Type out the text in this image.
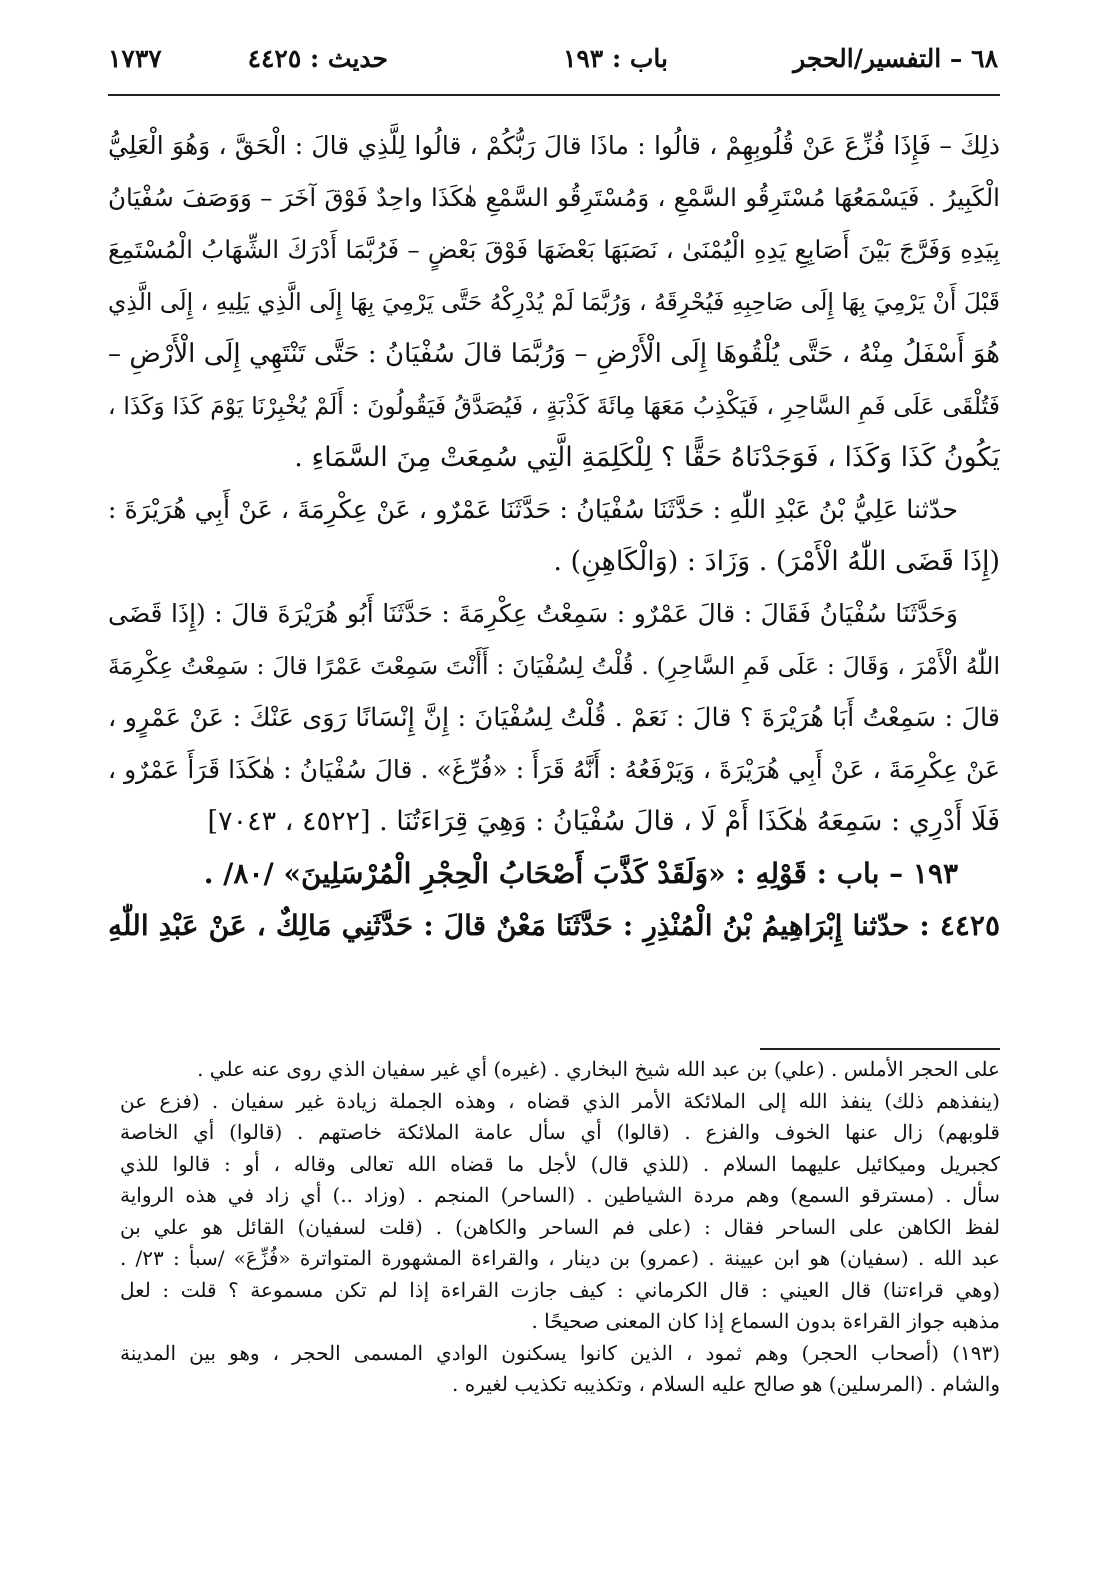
٦٨ – التفسير/الحجر
باب : ١٩٣
حديث : ٤٤٢٥
١٧٣٧
ذلِكَ – فَإِذَا فُزِّعَ عَنْ قُلُوبِهِمْ ، قالُوا : ماذَا قالَ رَبُّكُمْ ، قالُوا لِلَّذِي قالَ : الْحَقَّ ، وَهُوَ الْعَلِيُّ
الْكَبِيرُ . فَيَسْمَعُهَا مُسْتَرِقُو السَّمْعِ ، وَمُسْتَرِقُو السَّمْعِ هٰكَذَا واحِدٌ فَوْقَ آخَرَ – وَوَصَفَ سُفْيَانُ
بِيَدِهِ وَفَرَّجَ بَيْنَ أَصَابِعِ يَدِهِ الْيُمْنَىٰ ، نَصَبَهَا بَعْضَهَا فَوْقَ بَعْضٍ – فَرُبَّمَا أَدْرَكَ الشِّهَابُ الْمُسْتَمِعَ
قَبْلَ أَنْ يَرْمِيَ بِهَا إِلَى صَاحِبِهِ فَيُحْرِقَهُ ، وَرُبَّمَا لَمْ يُدْرِكْهُ حَتَّى يَرْمِيَ بِهَا إِلَى الَّذِي يَلِيهِ ، إِلَى الَّذِي
هُوَ أَسْفَلُ مِنْهُ ، حَتَّى يُلْقُوهَا إِلَى الْأَرْضِ – وَرُبَّمَا قالَ سُفْيَانُ : حَتَّى تَنْتَهِي إِلَى الْأَرْضِ –
فَتُلْقَى عَلَى فَمِ السَّاحِرِ ، فَيَكْذِبُ مَعَهَا مِائَةَ كَذْبَةٍ ، فَيُصَدَّقُ فَيَقُولُونَ : أَلَمْ يُخْبِرْنَا يَوْمَ كَذَا وَكَذَا ،
يَكُونُ كَذَا وَكَذَا ، فَوَجَدْنَاهُ حَقًّا ؟ لِلْكَلِمَةِ الَّتِي سُمِعَتْ مِنَ السَّمَاءِ .
حدّثنا عَلِيُّ بْنُ عَبْدِ اللّٰهِ : حَدَّثَنَا سُفْيَانُ : حَدَّثَنَا عَمْرٌو ، عَنْ عِكْرِمَةَ ، عَنْ أَبِي هُرَيْرَةَ :
(إِذَا قَضَى اللّٰهُ الْأَمْرَ) . وَزَادَ : (وَالْكَاهِنِ) .
وَحَدَّثَنَا سُفْيَانُ فَقَالَ : قالَ عَمْرٌو : سَمِعْتُ عِكْرِمَةَ : حَدَّثَنَا أَبُو هُرَيْرَةَ قالَ : (إِذَا قَضَى
اللّٰهُ الْأَمْرَ ، وَقَالَ : عَلَى فَمِ السَّاحِرِ) . قُلْتُ لِسُفْيَانَ : أَأَنْتَ سَمِعْتَ عَمْرًا قالَ : سَمِعْتُ عِكْرِمَةَ
قالَ : سَمِعْتُ أَبَا هُرَيْرَةَ ؟ قالَ : نَعَمْ . قُلْتُ لِسُفْيَانَ : إِنَّ إِنْسَانًا رَوَى عَنْكَ : عَنْ عَمْرٍو ،
عَنْ عِكْرِمَةَ ، عَنْ أَبِي هُرَيْرَةَ ، وَيَرْفَعُهُ : أَنَّهُ قَرَأَ : «فُرِّغَ» . قالَ سُفْيَانُ : هٰكَذَا قَرَأَ عَمْرٌو ،
فَلَا أَدْرِي : سَمِعَهُ هٰكَذَا أَمْ لَا ، قالَ سُفْيَانُ : وَهِيَ قِرَاءَتُنَا . [٤٥٢٢ ، ٧٠٤٣]
١٩٣ – باب : قَوْلِهِ : «وَلَقَدْ كَذَّبَ أَصْحَابُ الْحِجْرِ الْمُرْسَلِينَ» /٨٠/ .
٤٤٢٥ : حدّثنا إِبْرَاهِيمُ بْنُ الْمُنْذِرِ : حَدَّثَنَا مَعْنٌ قالَ : حَدَّثَنِي مَالِكٌ ، عَنْ عَبْدِ اللّٰهِ
على الحجر الأملس . (علي) بن عبد الله شيخ البخاري . (غيره) أي غير سفيان الذي روى عنه علي .
(ينفذهم ذلك) ينفذ الله إلى الملائكة الأمر الذي قضاه ، وهذه الجملة زيادة غير سفيان . (فزع عن
قلوبهم) زال عنها الخوف والفزع . (قالوا) أي سأل عامة الملائكة خاصتهم . (قالوا) أي الخاصة
كجبريل وميكائيل عليهما السلام . (للذي قال) لأجل ما قضاه الله تعالى وقاله ، أو : قالوا للذي
سأل . (مسترقو السمع) وهم مردة الشياطين . (الساحر) المنجم . (وزاد ..) أي زاد في هذه الرواية
لفظ الكاهن على الساحر فقال : (على فم الساحر والكاهن) . (قلت لسفيان) القائل هو علي بن
عبد الله . (سفيان) هو ابن عيينة . (عمرو) بن دينار ، والقراءة المشهورة المتواترة «فُزِّعَ» /سبأ : ٢٣/ .
(وهي قراءتنا) قال العيني : قال الكرماني : كيف جازت القراءة إذا لم تكن مسموعة ؟ قلت : لعل
مذهبه جواز القراءة بدون السماع إذا كان المعنى صحيحًا .
(١٩٣) (أصحاب الحجر) وهم ثمود ، الذين كانوا يسكنون الوادي المسمى الحجر ، وهو بين المدينة
والشام . (المرسلين) هو صالح عليه السلام ، وتكذيبه تكذيب لغيره .
